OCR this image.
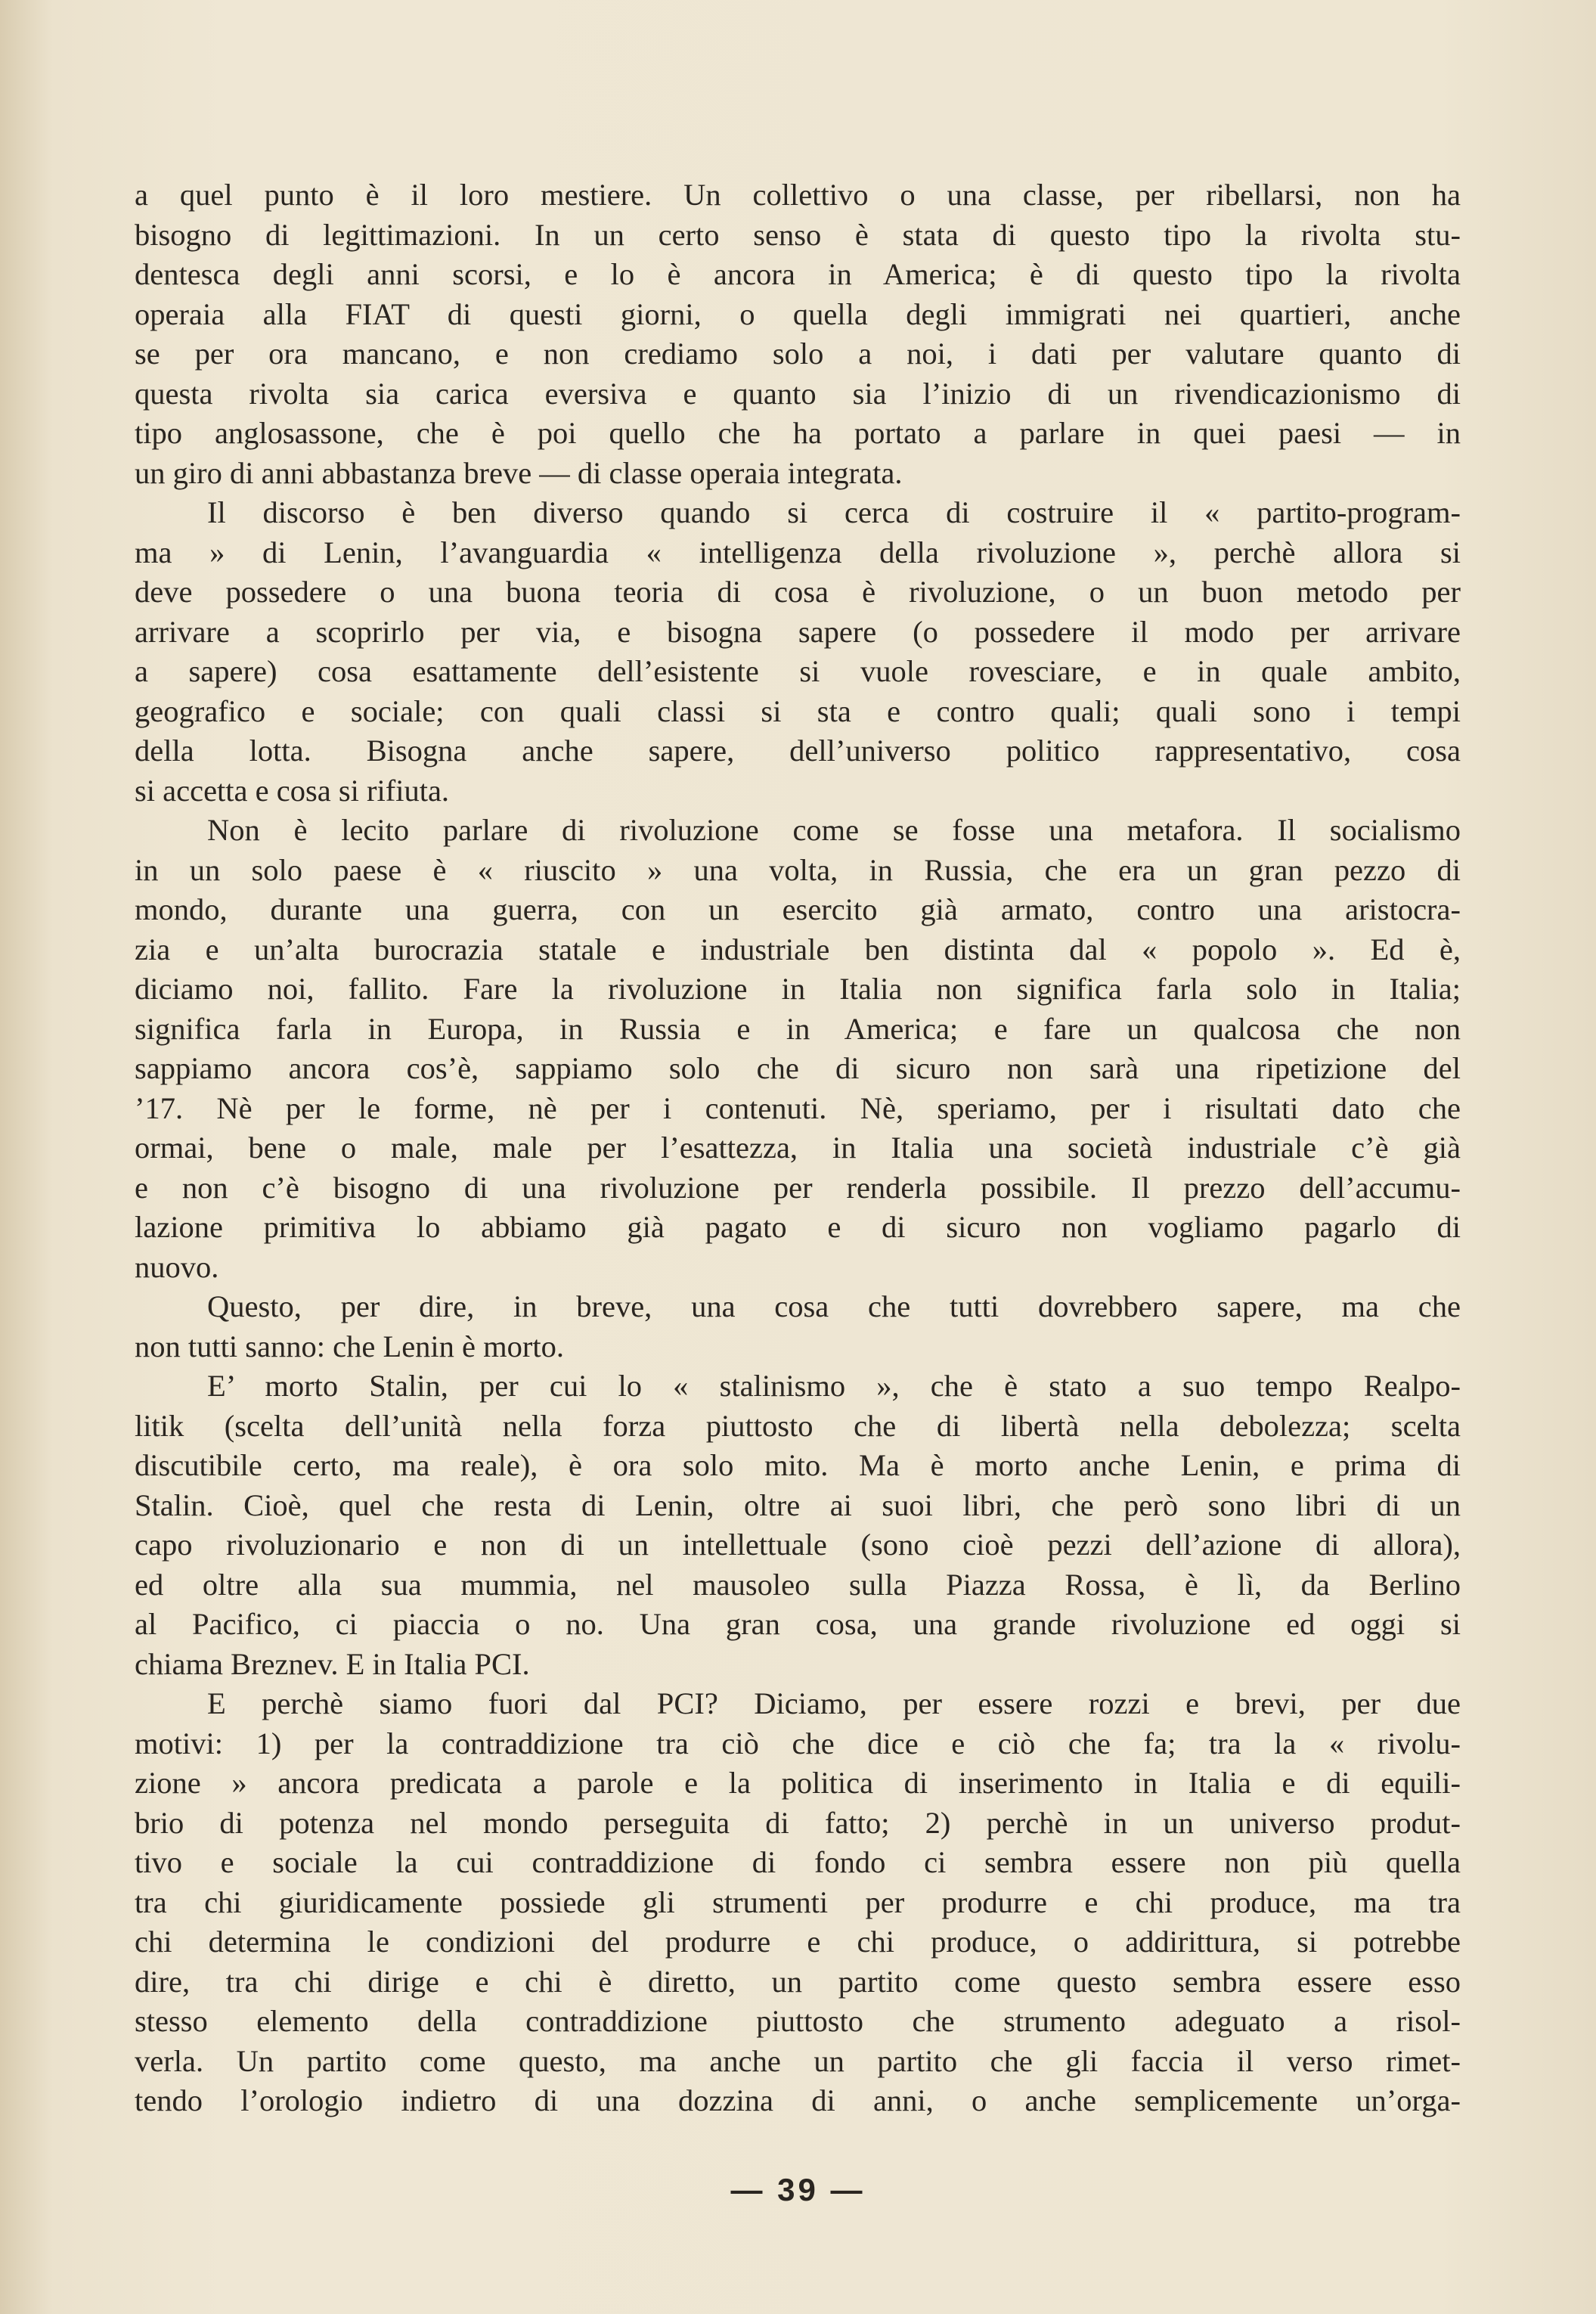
a quel punto è il loro mestiere. Un collettivo o una classe, per ribellarsi, non ha
bisogno di legittimazioni. In un certo senso è stata di questo tipo la rivolta stu-
dentesca degli anni scorsi, e lo è ancora in America; è di questo tipo la rivolta
operaia alla FIAT di questi giorni, o quella degli immigrati nei quartieri, anche
se per ora mancano, e non crediamo solo a noi, i dati per valutare quanto di
questa rivolta sia carica eversiva e quanto sia l’inizio di un rivendicazionismo di
tipo anglosassone, che è poi quello che ha portato a parlare in quei paesi — in
un giro di anni abbastanza breve — di classe operaia integrata.
Il discorso è ben diverso quando si cerca di costruire il « partito-program-
ma » di Lenin, l’avanguardia « intelligenza della rivoluzione », perchè allora si
deve possedere o una buona teoria di cosa è rivoluzione, o un buon metodo per
arrivare a scoprirlo per via, e bisogna sapere (o possedere il modo per arrivare
a sapere) cosa esattamente dell’esistente si vuole rovesciare, e in quale ambito,
geografico e sociale; con quali classi si sta e contro quali; quali sono i tempi
della lotta. Bisogna anche sapere, dell’universo politico rappresentativo, cosa
si accetta e cosa si rifiuta.
Non è lecito parlare di rivoluzione come se fosse una metafora. Il socialismo
in un solo paese è « riuscito » una volta, in Russia, che era un gran pezzo di
mondo, durante una guerra, con un esercito già armato, contro una aristocra-
zia e un’alta burocrazia statale e industriale ben distinta dal « popolo ». Ed è,
diciamo noi, fallito. Fare la rivoluzione in Italia non significa farla solo in Italia;
significa farla in Europa, in Russia e in America; e fare un qualcosa che non
sappiamo ancora cos’è, sappiamo solo che di sicuro non sarà una ripetizione del
’17. Nè per le forme, nè per i contenuti. Nè, speriamo, per i risultati dato che
ormai, bene o male, male per l’esattezza, in Italia una società industriale c’è già
e non c’è bisogno di una rivoluzione per renderla possibile. Il prezzo dell’accumu-
lazione primitiva lo abbiamo già pagato e di sicuro non vogliamo pagarlo di
nuovo.
Questo, per dire, in breve, una cosa che tutti dovrebbero sapere, ma che
non tutti sanno: che Lenin è morto.
E’ morto Stalin, per cui lo « stalinismo », che è stato a suo tempo Realpo-
litik (scelta dell’unità nella forza piuttosto che di libertà nella debolezza; scelta
discutibile certo, ma reale), è ora solo mito. Ma è morto anche Lenin, e prima di
Stalin. Cioè, quel che resta di Lenin, oltre ai suoi libri, che però sono libri di un
capo rivoluzionario e non di un intellettuale (sono cioè pezzi dell’azione di allora),
ed oltre alla sua mummia, nel mausoleo sulla Piazza Rossa, è lì, da Berlino
al Pacifico, ci piaccia o no. Una gran cosa, una grande rivoluzione ed oggi si
chiama Breznev. E in Italia PCI.
E perchè siamo fuori dal PCI? Diciamo, per essere rozzi e brevi, per due
motivi: 1) per la contraddizione tra ciò che dice e ciò che fa; tra la « rivolu-
zione » ancora predicata a parole e la politica di inserimento in Italia e di equili-
brio di potenza nel mondo perseguita di fatto; 2) perchè in un universo produt-
tivo e sociale la cui contraddizione di fondo ci sembra essere non più quella
tra chi giuridicamente possiede gli strumenti per produrre e chi produce, ma tra
chi determina le condizioni del produrre e chi produce, o addirittura, si potrebbe
dire, tra chi dirige e chi è diretto, un partito come questo sembra essere esso
stesso elemento della contraddizione piuttosto che strumento adeguato a risol-
verla. Un partito come questo, ma anche un partito che gli faccia il verso rimet-
tendo l’orologio indietro di una dozzina di anni, o anche semplicemente un’orga-
— 39 —
